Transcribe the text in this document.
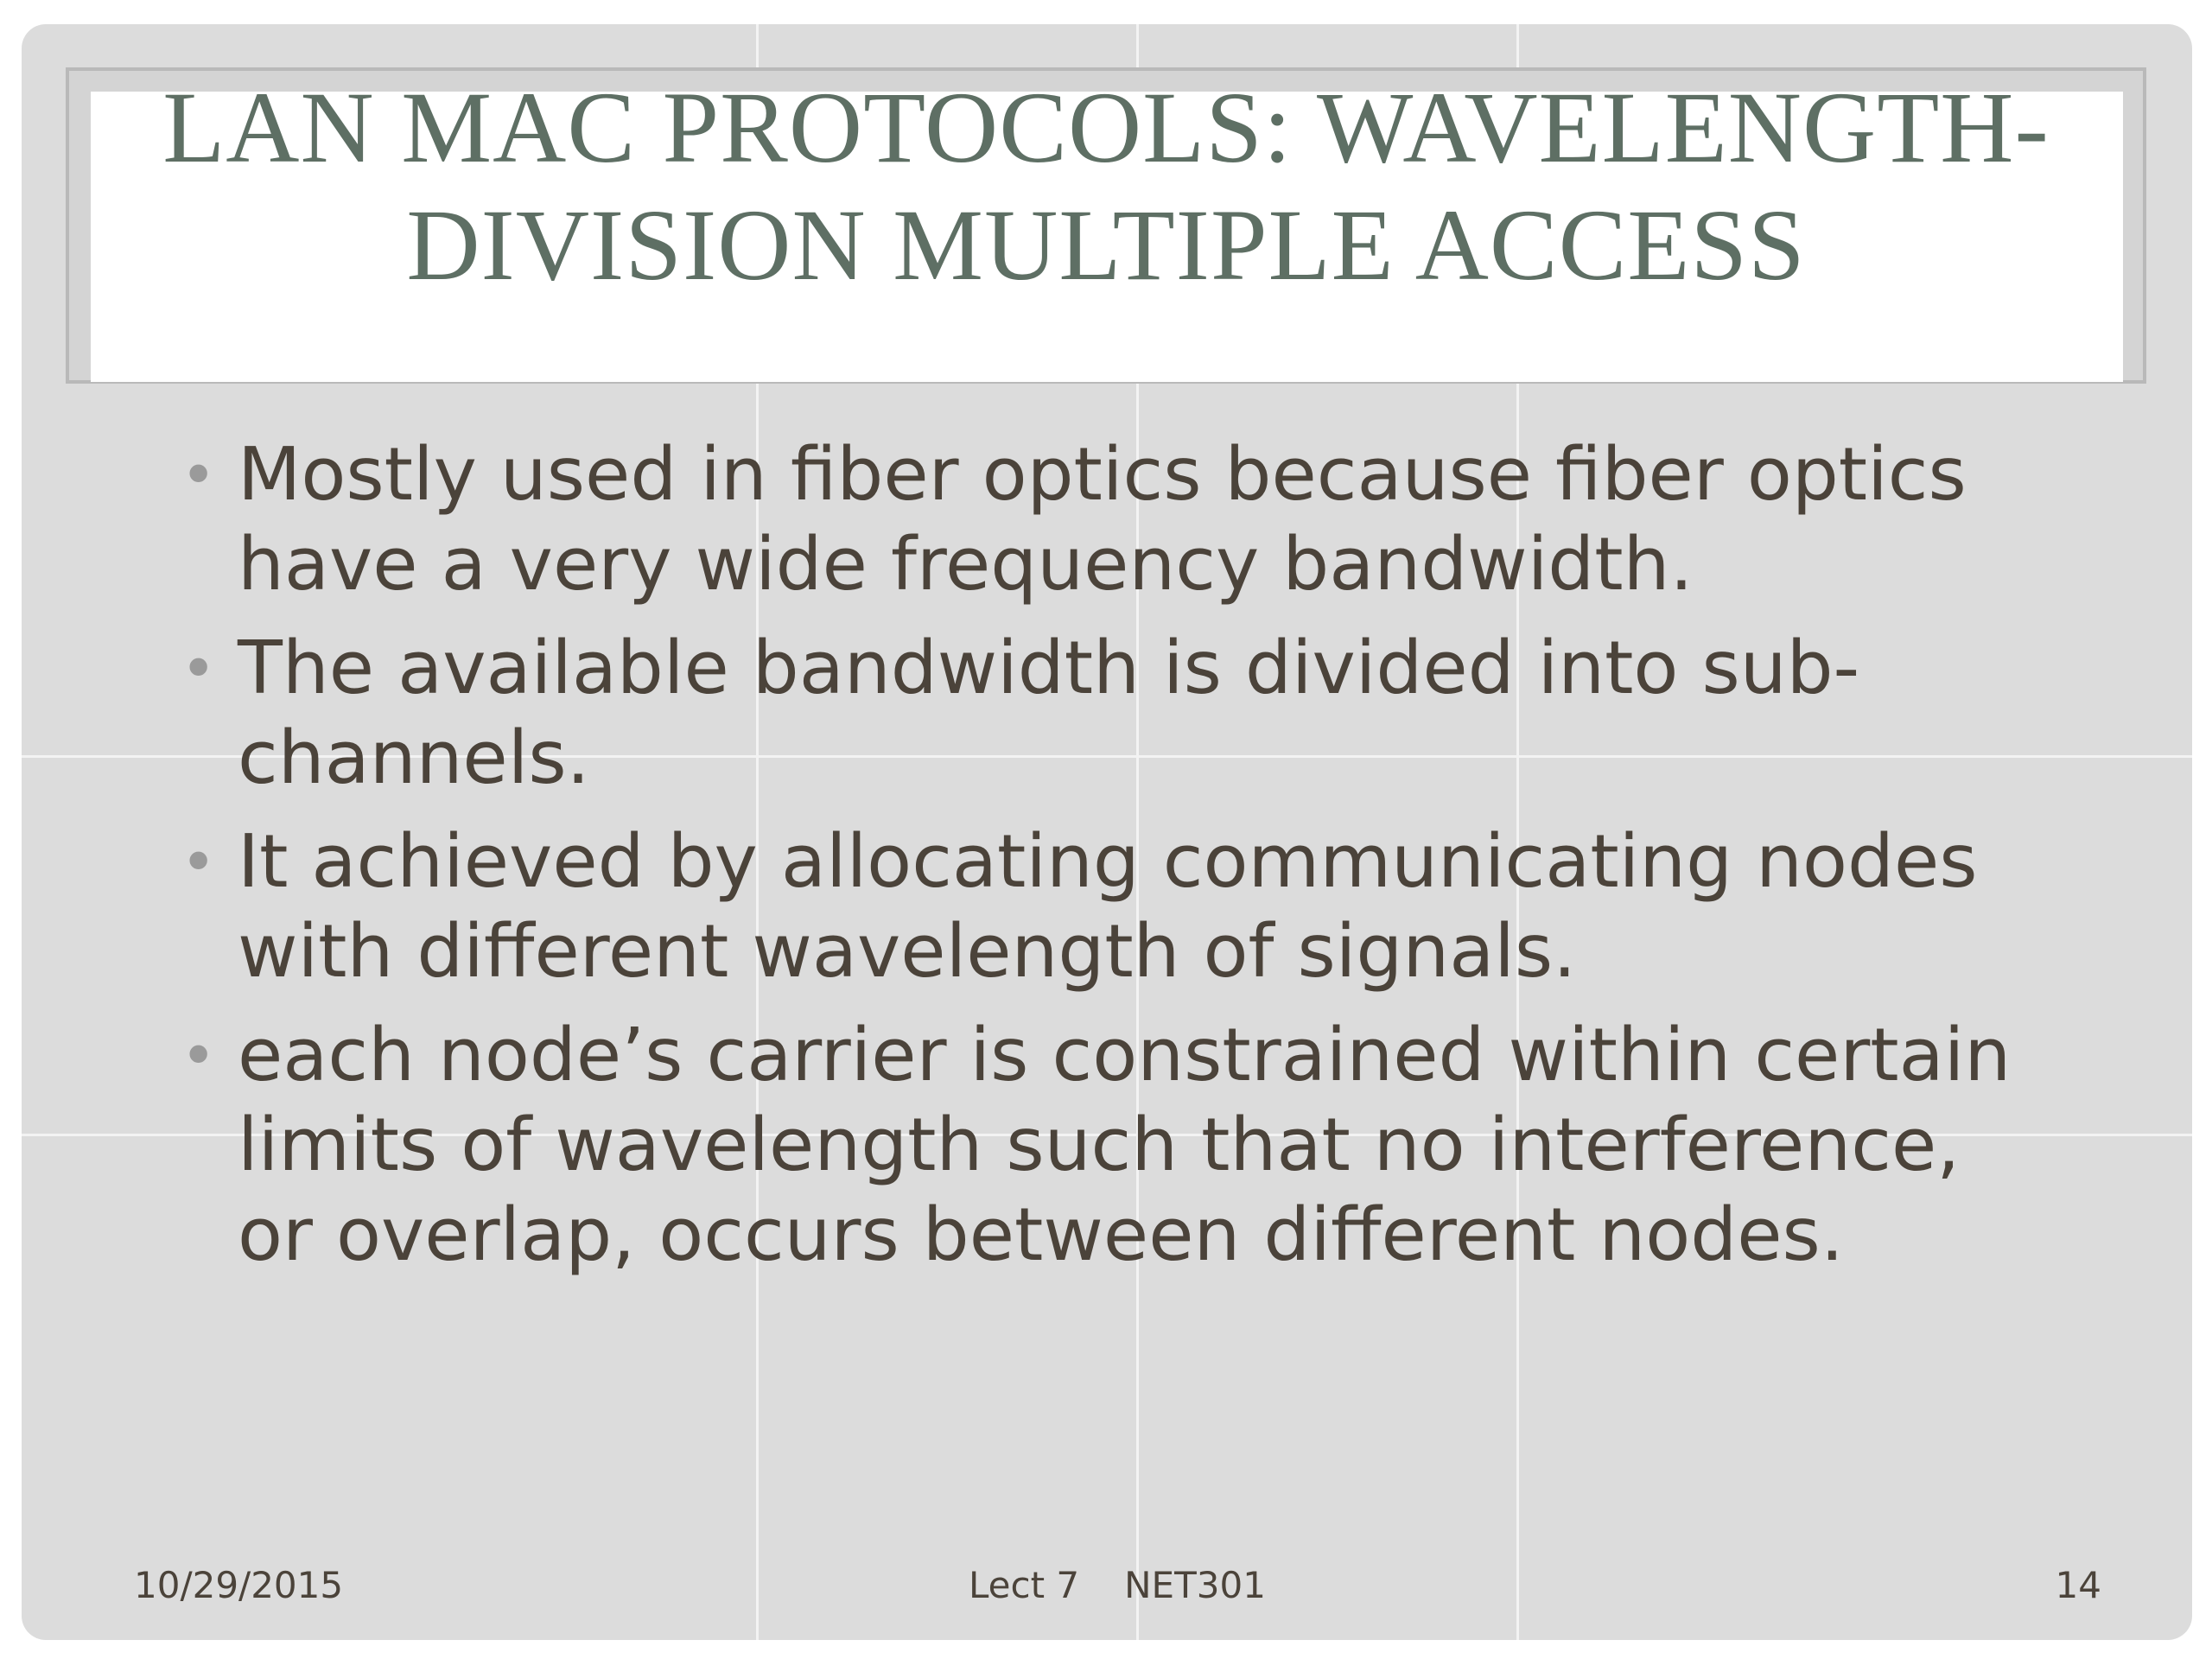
LAN MAC PROTOCOLS: WAVELENGTH-DIVISION MULTIPLE ACCESS
• Mostly used in fiber optics because fiber optics have a very wide frequency bandwidth.
• The available bandwidth is divided into sub-channels.
• It achieved by allocating communicating nodes with different wavelength of signals.
• each node’s carrier is constrained within certain limits of wavelength such that no interference, or overlap, occurs between different nodes.
10/29/2015	Lect 7 NET301	14
